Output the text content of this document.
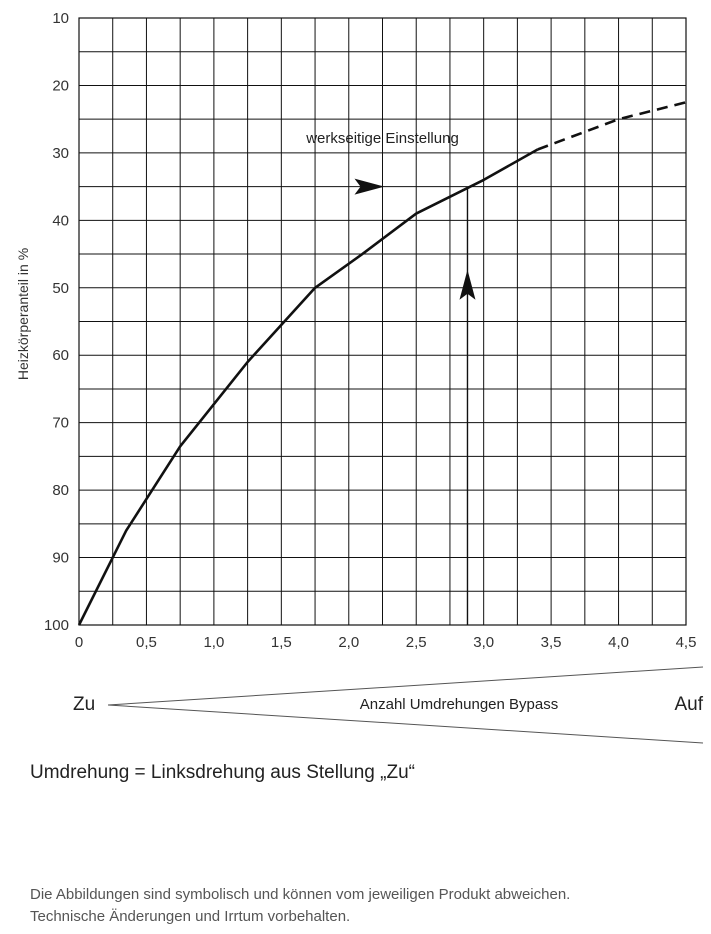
0	0,5	1,0	1,5	2,0	2,5	3,0	3,5	4,0	4,5
10
20
30
40
50
60
70
80
90
100
Heizkörperanteil in %
werkseitige Einstellung
Zu	Auf
Anzahl Umdrehungen Bypass

Umdrehung = Linksdrehung aus Stellung „Zu“

Die Abbildungen sind symbolisch und können vom jeweiligen Produkt abweichen.
Technische Änderungen und Irrtum vorbehalten.
